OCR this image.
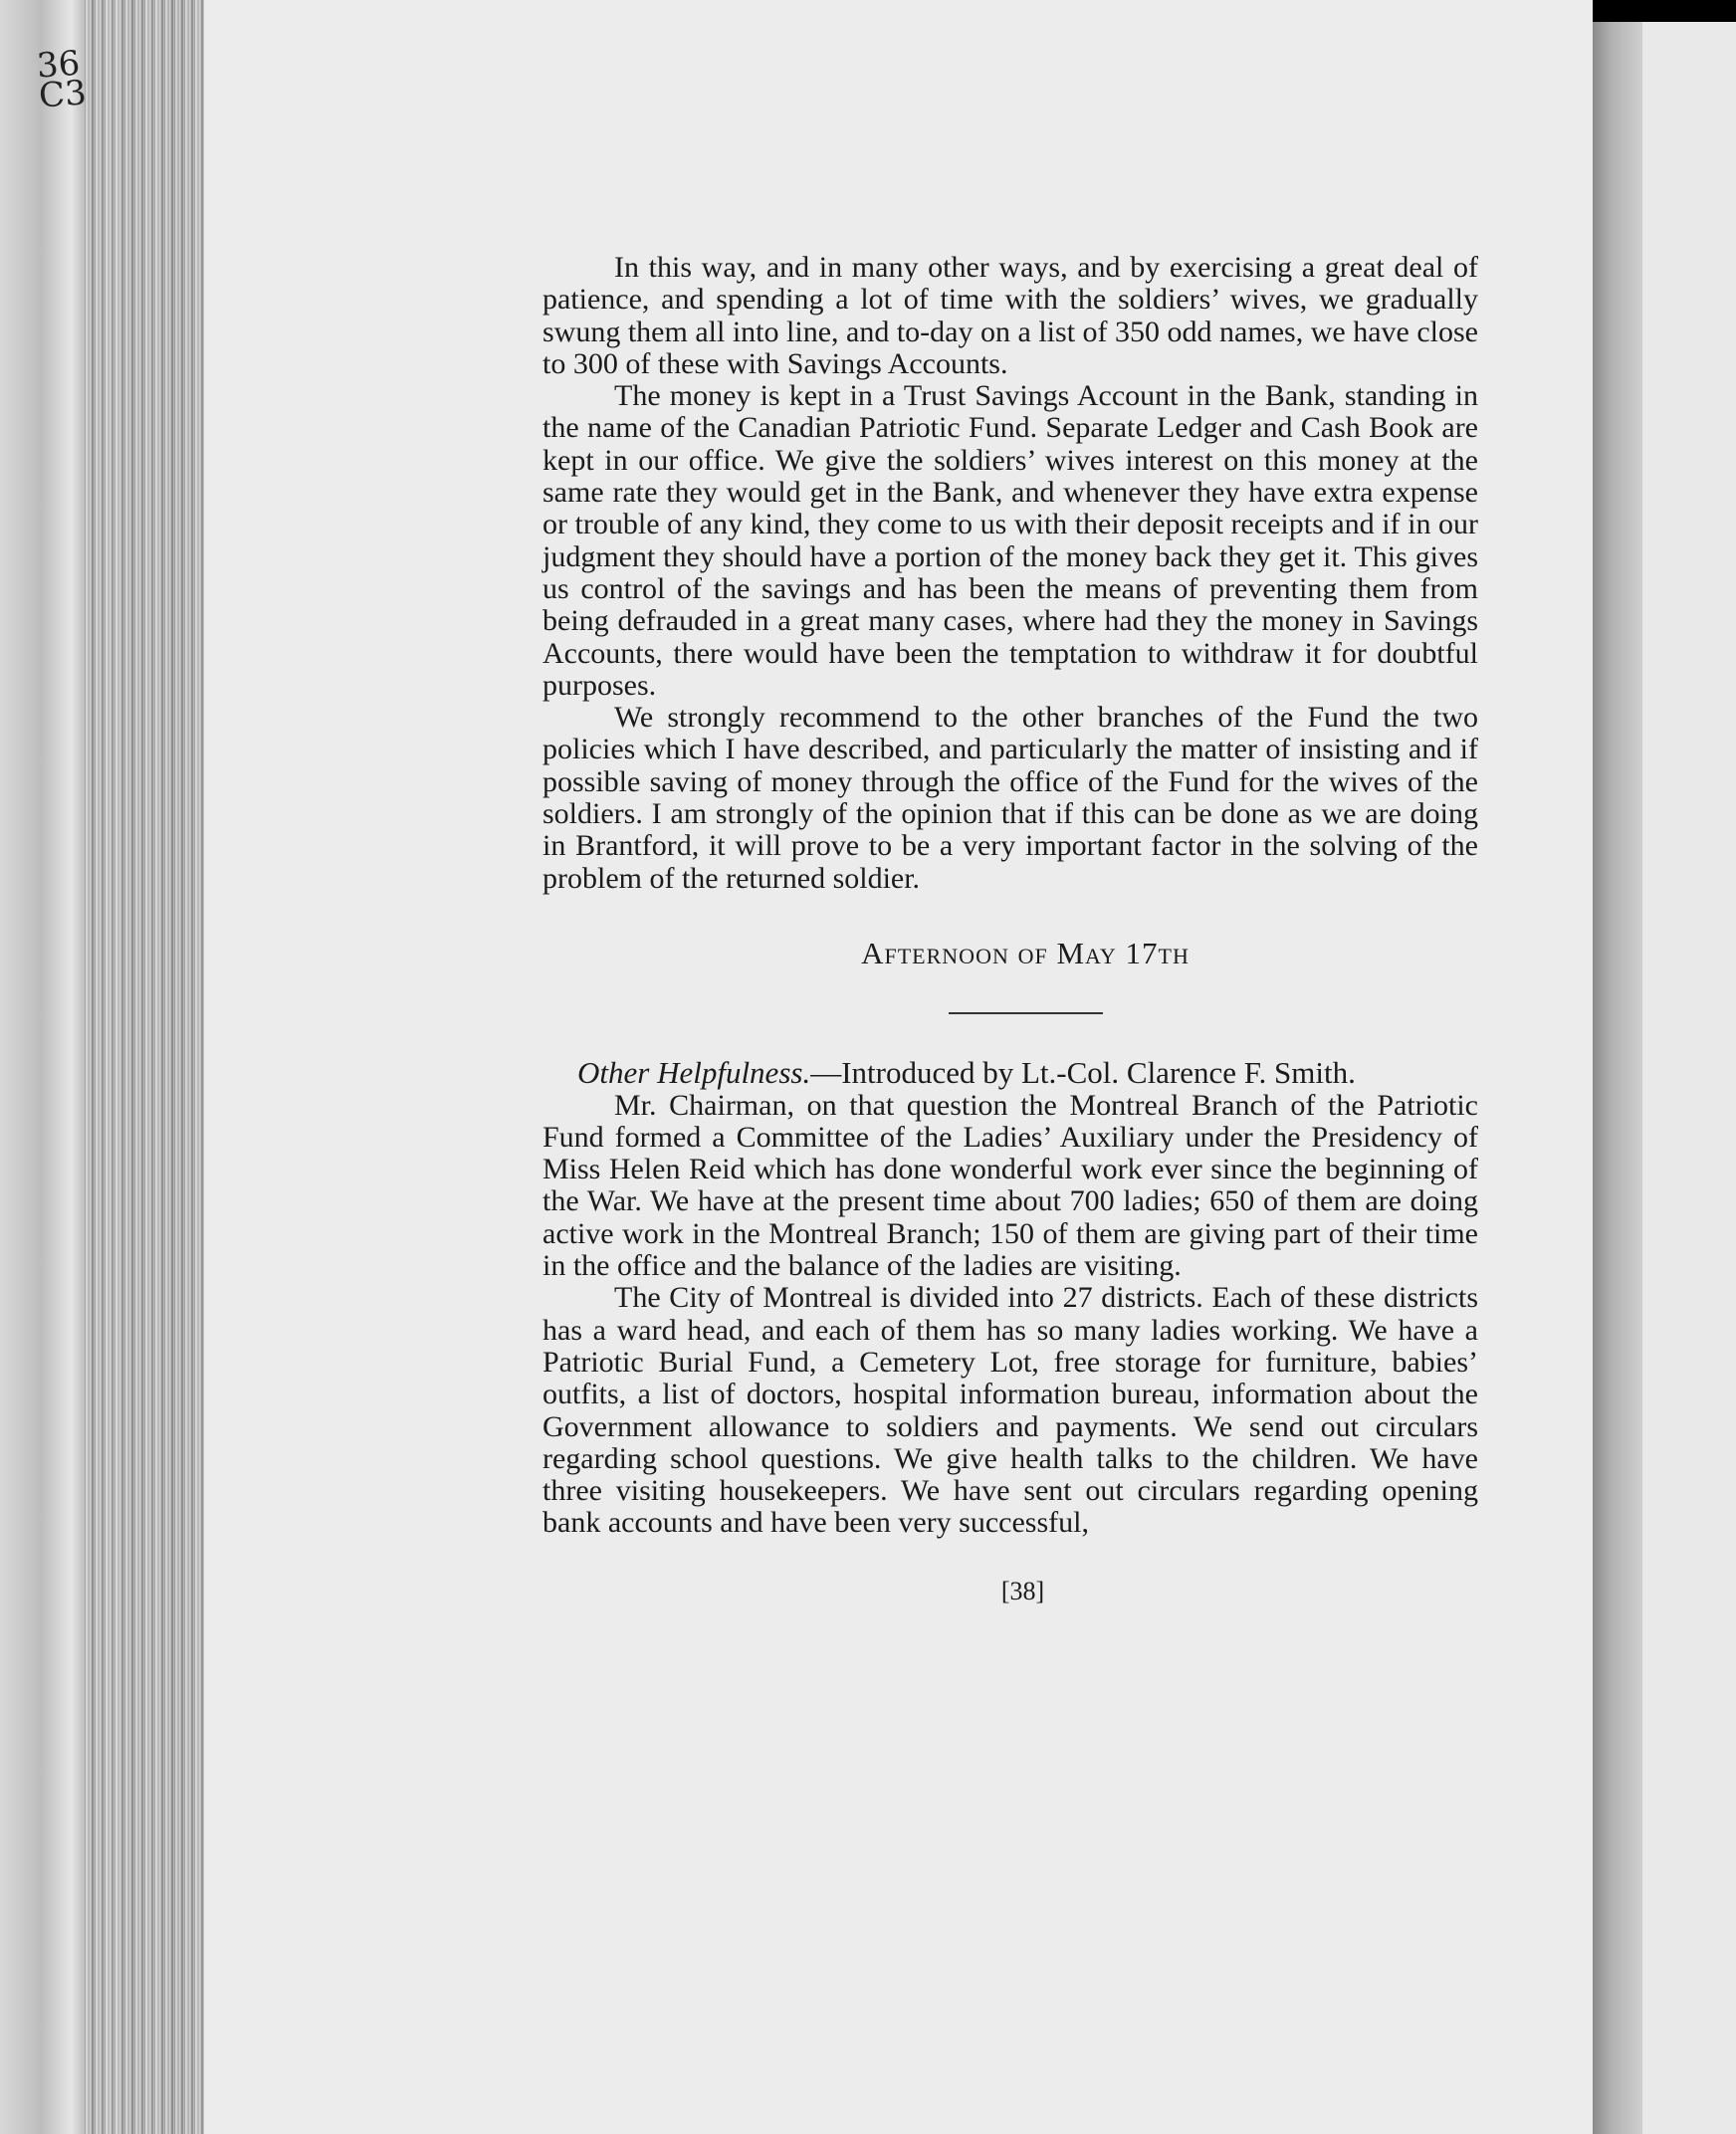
36
C3

In this way, and in many other ways, and by exercising a great deal of patience, and spending a lot of time with the soldiers’ wives, we gradually swung them all into line, and to-day on a list of 350 odd names, we have close to 300 of these with Savings Accounts.

The money is kept in a Trust Savings Account in the Bank, standing in the name of the Canadian Patriotic Fund. Separate Ledger and Cash Book are kept in our office. We give the soldiers’ wives interest on this money at the same rate they would get in the Bank, and whenever they have extra expense or trouble of any kind, they come to us with their deposit receipts and if in our judgment they should have a portion of the money back they get it. This gives us control of the savings and has been the means of preventing them from being defrauded in a great many cases, where had they the money in Savings Accounts, there would have been the temptation to withdraw it for doubtful purposes.

We strongly recommend to the other branches of the Fund the two policies which I have described, and particularly the matter of insisting and if possible saving of money through the office of the Fund for the wives of the soldiers. I am strongly of the opinion that if this can be done as we are doing in Brantford, it will prove to be a very important factor in the solving of the problem of the returned soldier.

Afternoon of May 17th
Other Helpfulness.—Introduced by Lt.-Col. Clarence F. Smith.

Mr. Chairman, on that question the Montreal Branch of the Patriotic Fund formed a Committee of the Ladies’ Auxiliary under the Presidency of Miss Helen Reid which has done wonderful work ever since the beginning of the War. We have at the present time about 700 ladies; 650 of them are doing active work in the Montreal Branch; 150 of them are giving part of their time in the office and the balance of the ladies are visiting.

The City of Montreal is divided into 27 districts. Each of these districts has a ward head, and each of them has so many ladies working. We have a Patriotic Burial Fund, a Cemetery Lot, free storage for furniture, babies’ outfits, a list of doctors, hospital information bureau, information about the Government allowance to soldiers and payments. We send out circulars regarding school questions. We give health talks to the children. We have three visiting housekeepers. We have sent out circulars regarding opening bank accounts and have been very successful,

[38]
